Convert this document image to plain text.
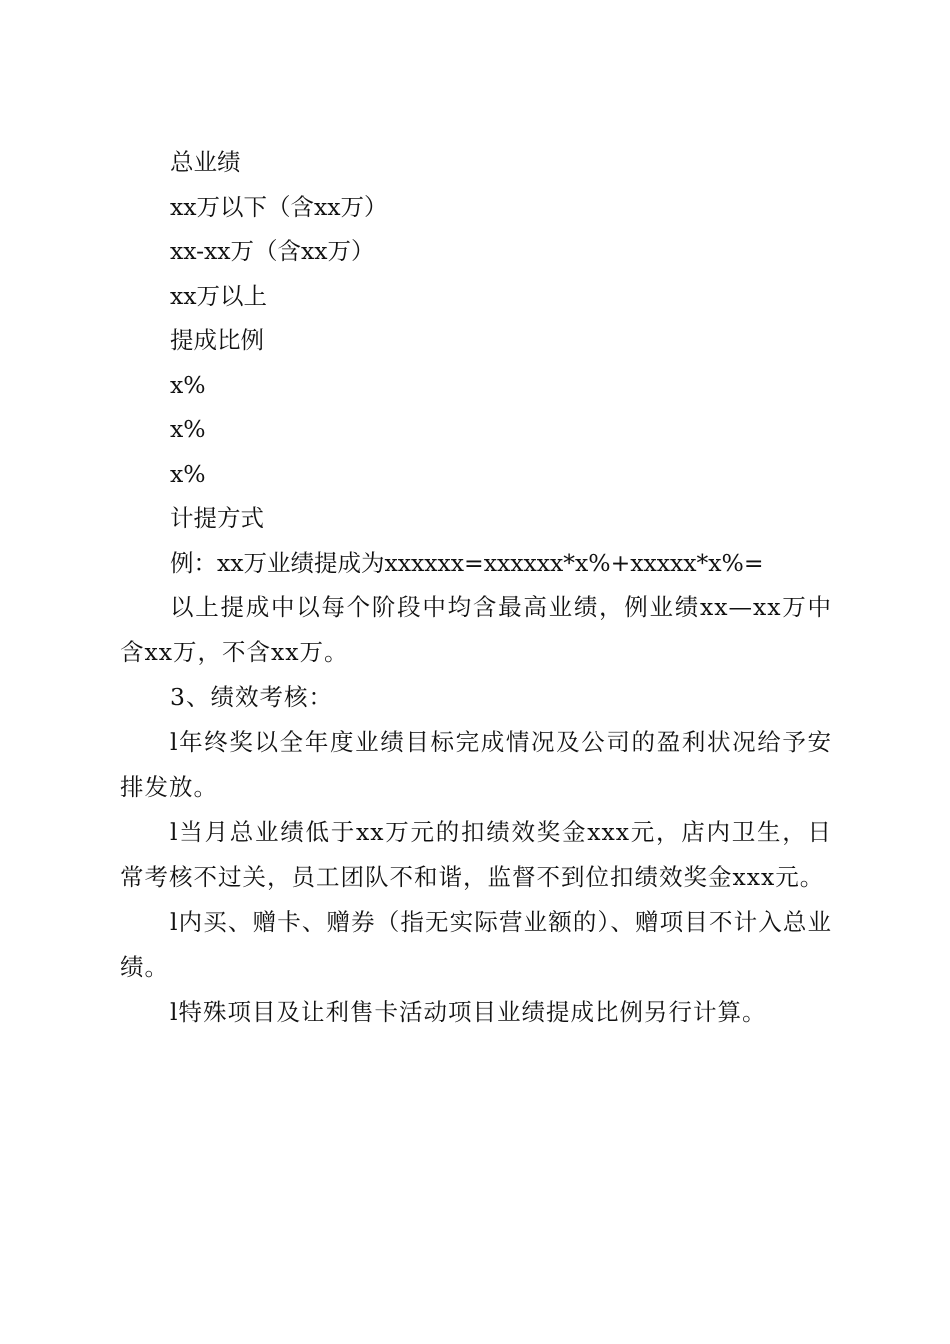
总业绩
xx万以下（含xx万）
xx-xx万（含xx万）
xx万以上
提成比例
x%
x%
x%
计提方式
例：xx万业绩提成为xxxxxx=xxxxxx*x%+xxxxx*x%=
以上提成中以每个阶段中均含最高业绩，例业绩xx—xx万中含xx万，不含xx万。
3、绩效考核：
l年终奖以全年度业绩目标完成情况及公司的盈利状况给予安排发放。
l当月总业绩低于xx万元的扣绩效奖金xxx元，店内卫生，日常考核不过关，员工团队不和谐，监督不到位扣绩效奖金xxx元。
l内买、赠卡、赠券（指无实际营业额的）、赠项目不计入总业绩。
l特殊项目及让利售卡活动项目业绩提成比例另行计算。
